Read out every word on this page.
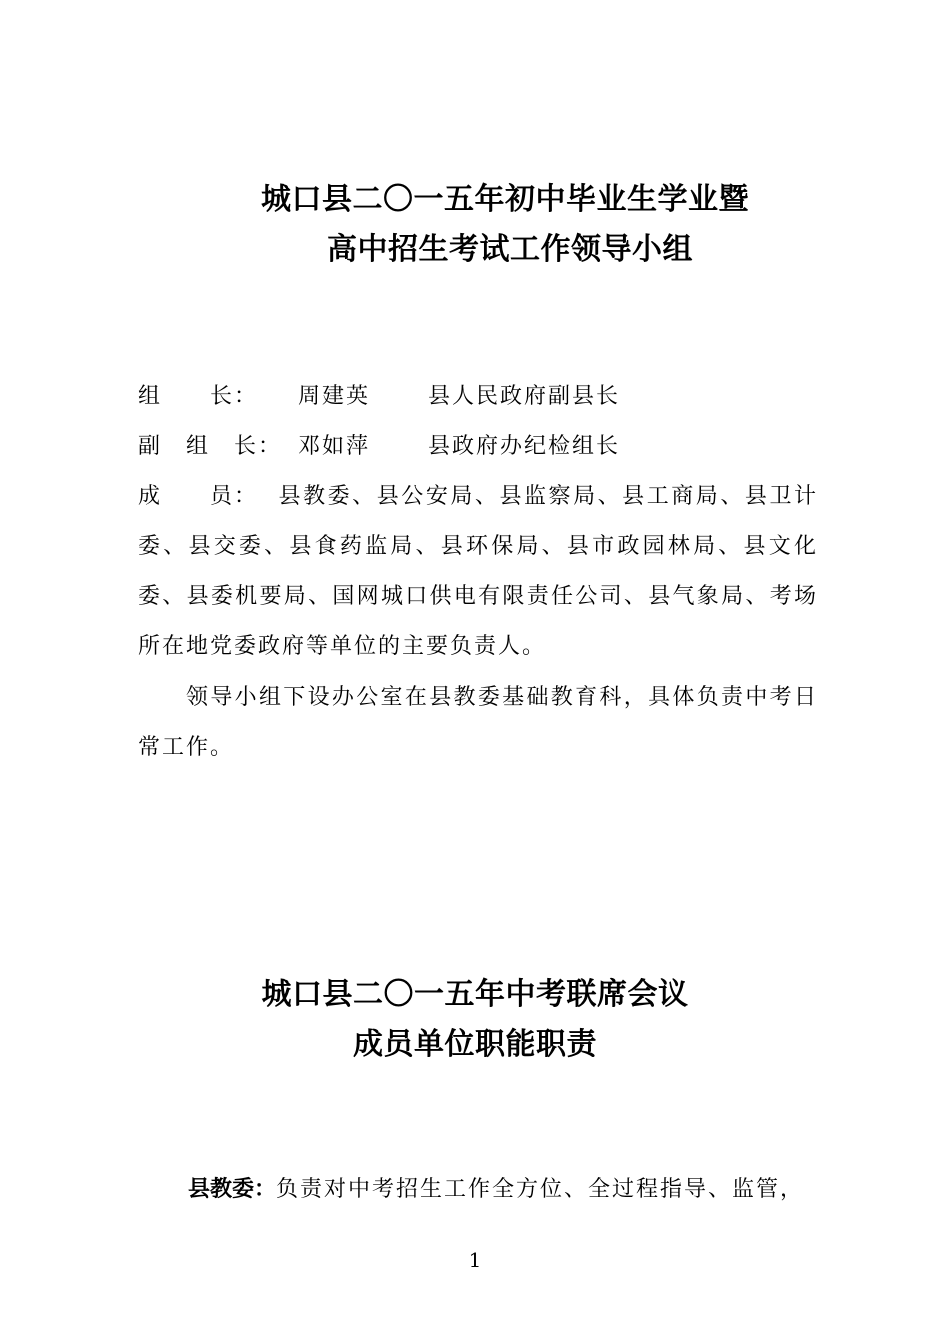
城口县二〇一五年初中毕业生学业暨
高中招生考试工作领导小组
组　　长： 周建英	县人民政府副县长
副　组　长： 邓如萍	县政府办纪检组长
成　　员： 县教委、县公安局、县监察局、县工商局、县卫计委、县交委、县食药监局、县环保局、县市政园林局、县文化委、县委机要局、国网城口供电有限责任公司、县气象局、考场所在地党委政府等单位的主要负责人。
领导小组下设办公室在县教委基础教育科，具体负责中考日常工作。
城口县二〇一五年中考联席会议
成员单位职能职责
县教委：负责对中考招生工作全方位、全过程指导、监管，
1
